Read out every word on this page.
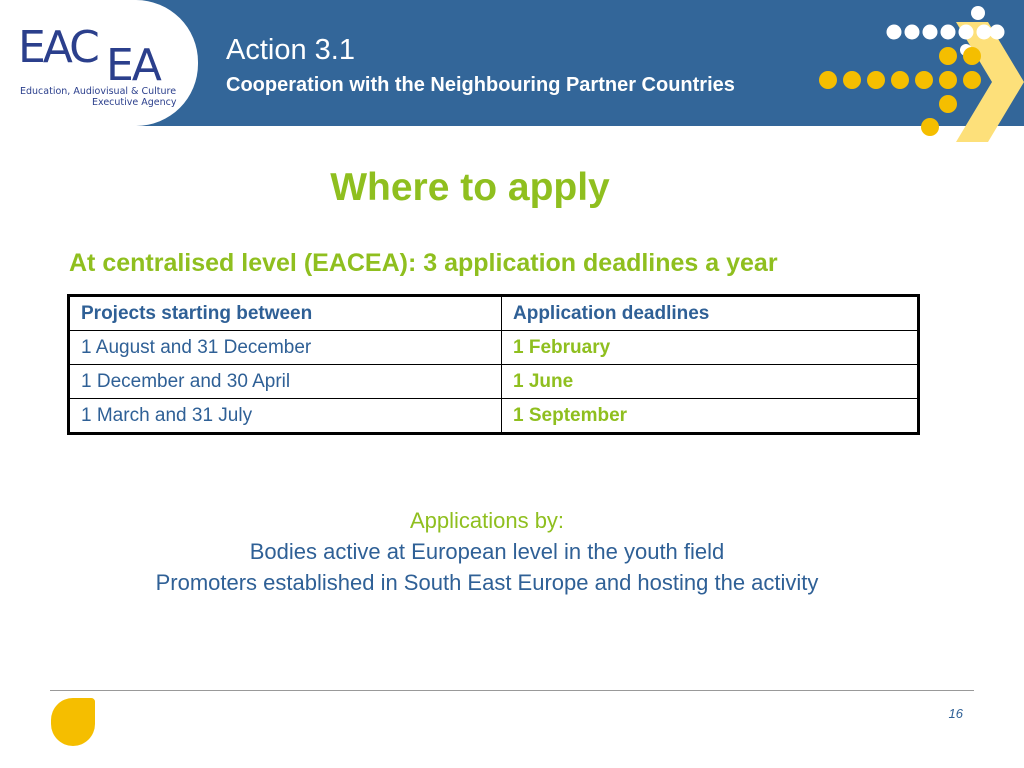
EAC EA
Education, Audiovisual & Culture
Executive Agency
Action 3.1
Cooperation with the Neighbouring Partner Countries
Where to apply
At centralised level (EACEA): 3 application deadlines a year
Projects starting between	Application deadlines
1 August and 31 December	1 February
1 December and 30 April	1 June
1 March and 31 July	1 September
Applications by:
Bodies active at European level in the youth field
Promoters established in South East Europe and hosting the activity
16
